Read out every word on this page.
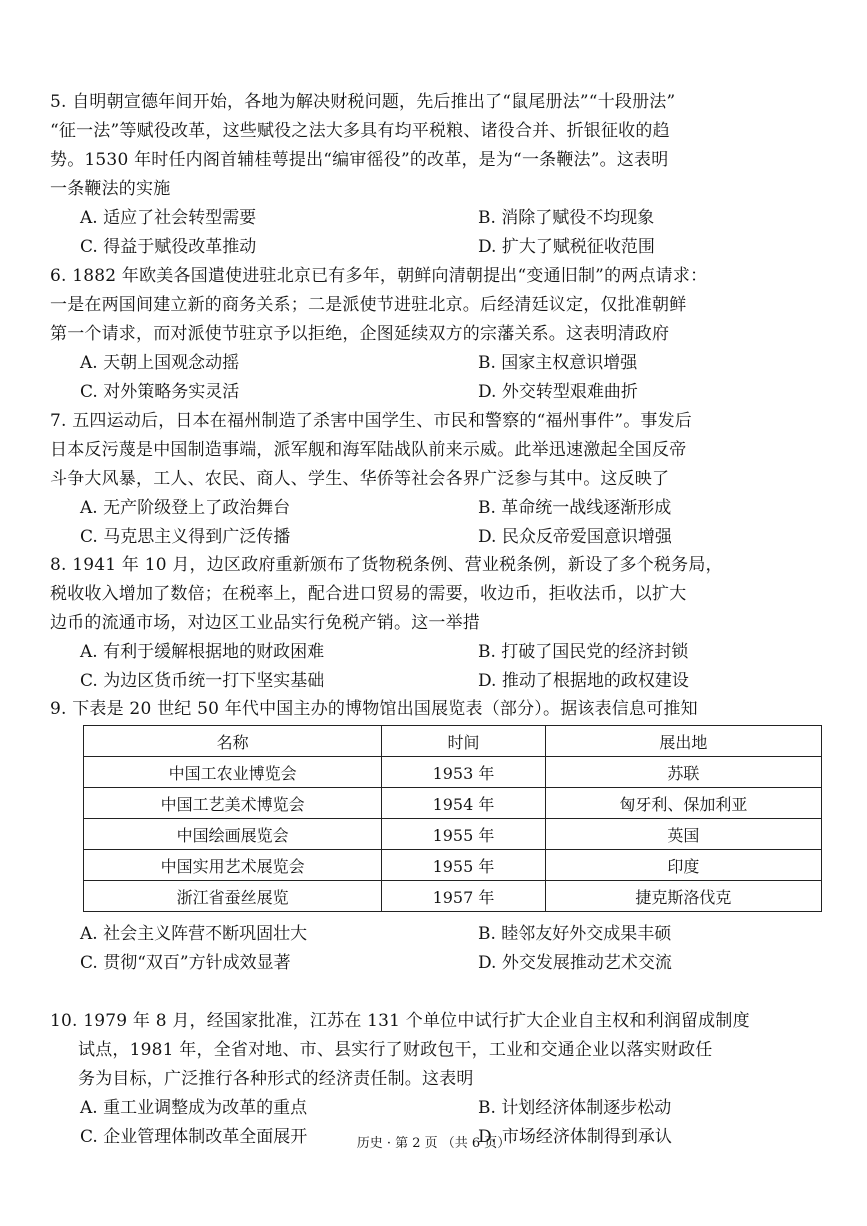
5. 自明朝宣德年间开始，各地为解决财税问题，先后推出了“鼠尾册法”“十段册法”
“征一法”等赋役改革，这些赋役之法大多具有均平税粮、诸役合并、折银征收的趋
势。1530 年时任内阁首辅桂萼提出“编审徭役”的改革，是为“一条鞭法”。这表明
一条鞭法的实施
A. 适应了社会转型需要	B. 消除了赋役不均现象
C. 得益于赋役改革推动	D. 扩大了赋税征收范围
6. 1882 年欧美各国遣使进驻北京已有多年，朝鲜向清朝提出“变通旧制”的两点请求：
一是在两国间建立新的商务关系；二是派使节进驻北京。后经清廷议定，仅批准朝鲜
第一个请求，而对派使节驻京予以拒绝，企图延续双方的宗藩关系。这表明清政府
A. 天朝上国观念动摇	B. 国家主权意识增强
C. 对外策略务实灵活	D. 外交转型艰难曲折
7. 五四运动后，日本在福州制造了杀害中国学生、市民和警察的“福州事件”。事发后
日本反污蔑是中国制造事端，派军舰和海军陆战队前来示威。此举迅速激起全国反帝
斗争大风暴，工人、农民、商人、学生、华侨等社会各界广泛参与其中。这反映了
A. 无产阶级登上了政治舞台	B. 革命统一战线逐渐形成
C. 马克思主义得到广泛传播	D. 民众反帝爱国意识增强
8. 1941 年 10 月，边区政府重新颁布了货物税条例、营业税条例，新设了多个税务局，
税收收入增加了数倍；在税率上，配合进口贸易的需要，收边币，拒收法币，以扩大
边币的流通市场，对边区工业品实行免税产销。这一举措
A. 有利于缓解根据地的财政困难	B. 打破了国民党的经济封锁
C. 为边区货币统一打下坚实基础	D. 推动了根据地的政权建设
9. 下表是 20 世纪 50 年代中国主办的博物馆出国展览表（部分）。据该表信息可推知
名称	时间	展出地
中国工农业博览会	1953 年	苏联
中国工艺美术博览会	1954 年	匈牙利、保加利亚
中国绘画展览会	1955 年	英国
中国实用艺术展览会	1955 年	印度
浙江省蚕丝展览	1957 年	捷克斯洛伐克
A. 社会主义阵营不断巩固壮大	B. 睦邻友好外交成果丰硕
C. 贯彻“双百”方针成效显著	D. 外交发展推动艺术交流
10. 1979 年 8 月，经国家批准，江苏在 131 个单位中试行扩大企业自主权和利润留成制度
试点，1981 年，全省对地、市、县实行了财政包干，工业和交通企业以落实财政任
务为目标，广泛推行各种形式的经济责任制。这表明
A. 重工业调整成为改革的重点	B. 计划经济体制逐步松动
C. 企业管理体制改革全面展开	D. 市场经济体制得到承认
历史 · 第 2 页 （共 6 页）
